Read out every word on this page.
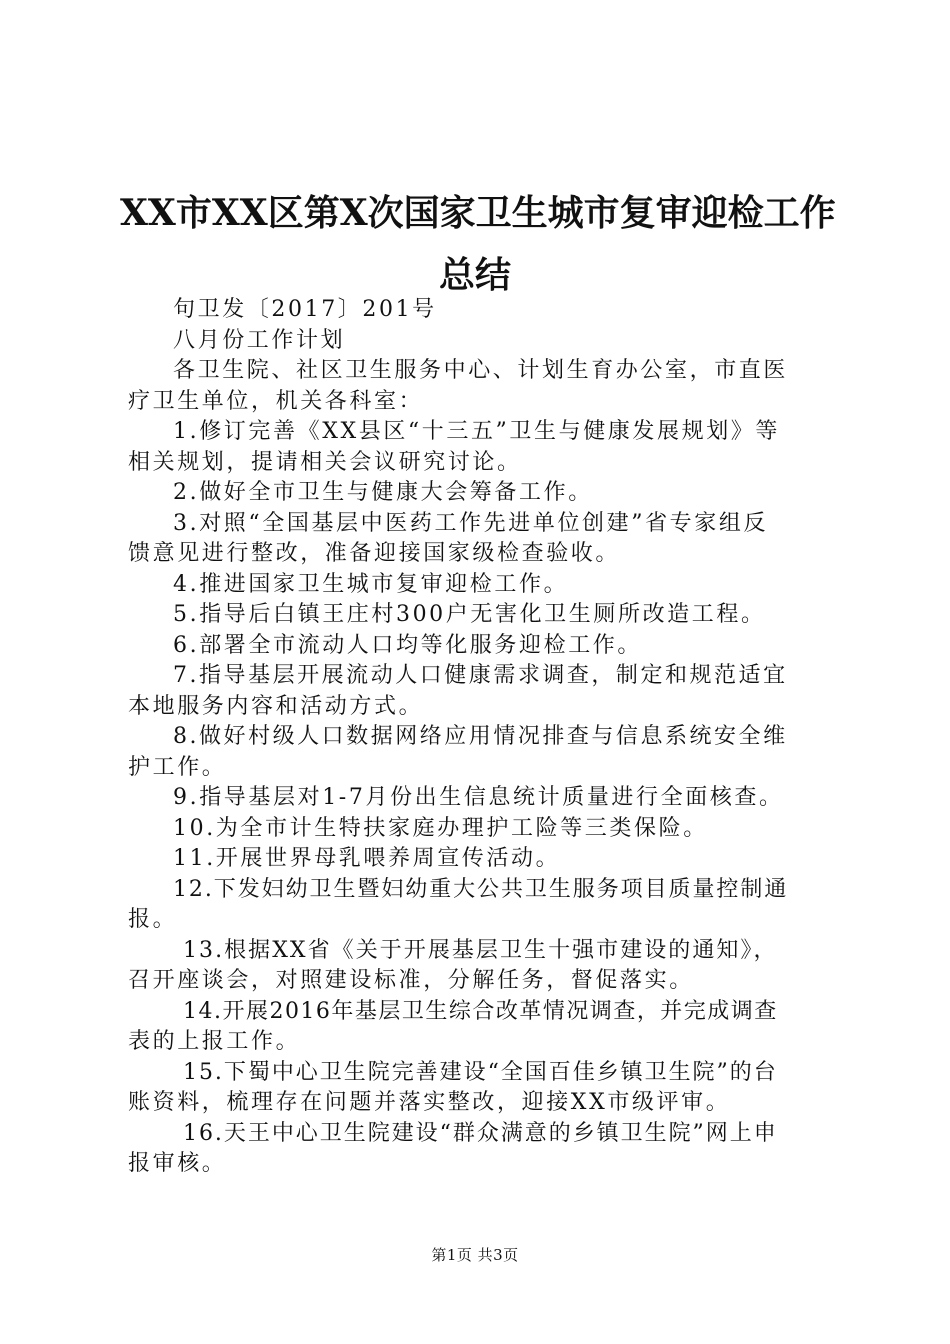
XX市XX区第X次国家卫生城市复审迎检工作
总结

句卫发〔2017〕201号

八月份工作计划

各卫生院、社区卫生服务中心、计划生育办公室，市直医
疗卫生单位，机关各科室：

1.修订完善《XX县区“十三五”卫生与健康发展规划》等
相关规划，提请相关会议研究讨论。

2.做好全市卫生与健康大会筹备工作。

3.对照“全国基层中医药工作先进单位创建”省专家组反
馈意见进行整改，准备迎接国家级检查验收。

4.推进国家卫生城市复审迎检工作。

5.指导后白镇王庄村300户无害化卫生厕所改造工程。

6.部署全市流动人口均等化服务迎检工作。

7.指导基层开展流动人口健康需求调查，制定和规范适宜
本地服务内容和活动方式。

8.做好村级人口数据网络应用情况排查与信息系统安全维
护工作。

9.指导基层对1-7月份出生信息统计质量进行全面核查。

10.为全市计生特扶家庭办理护工险等三类保险。

11.开展世界母乳喂养周宣传活动。

12.下发妇幼卫生暨妇幼重大公共卫生服务项目质量控制通
报。

13.根据XX省《关于开展基层卫生十强市建设的通知》，
召开座谈会，对照建设标准，分解任务，督促落实。

14.开展2016年基层卫生综合改革情况调查，并完成调查
表的上报工作。

15.下蜀中心卫生院完善建设“全国百佳乡镇卫生院”的台
账资料，梳理存在问题并落实整改，迎接XX市级评审。

16.天王中心卫生院建设“群众满意的乡镇卫生院”网上申
报审核。

第1页 共3页
